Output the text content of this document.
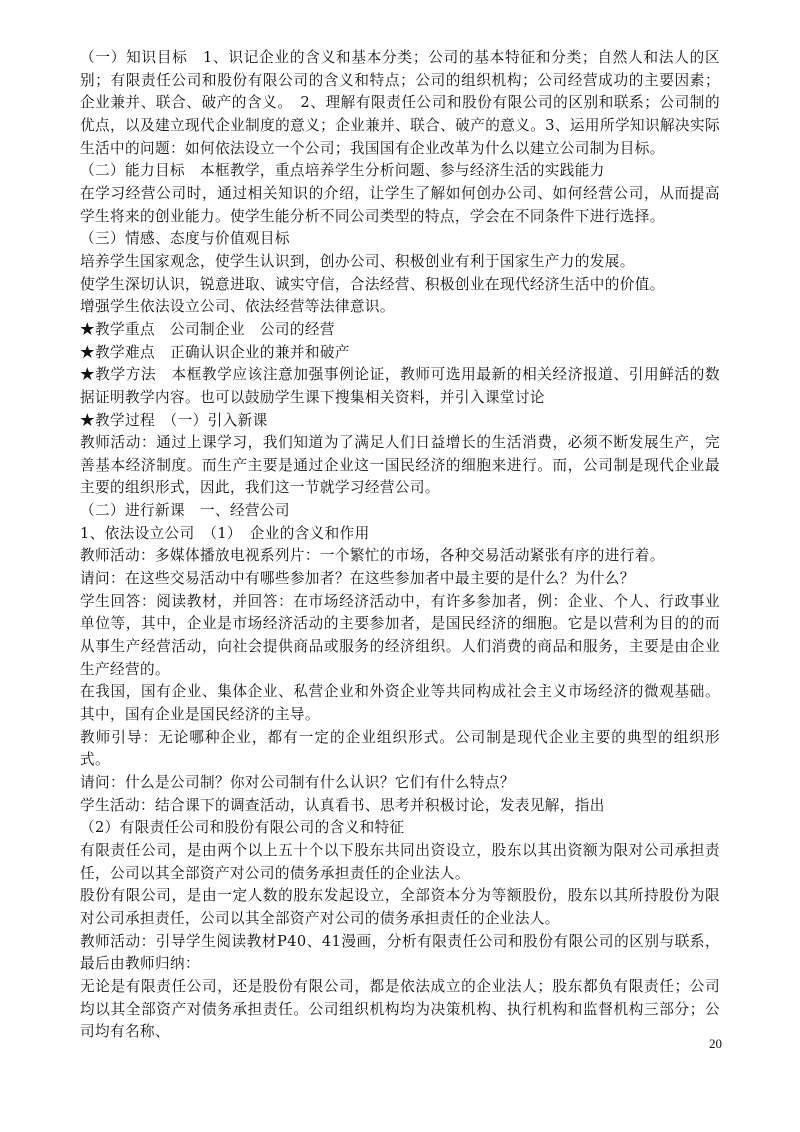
（一）知识目标　1、识记企业的含义和基本分类；公司的基本特征和分类；自然人和法人的区别；有限责任公司和股份有限公司的含义和特点；公司的组织机构；公司经营成功的主要因素；企业兼并、联合、破产的含义。　2、理解有限责任公司和股份有限公司的区别和联系；公司制的优点，以及建立现代企业制度的意义；企业兼并、联合、破产的意义。3、运用所学知识解决实际生活中的问题：如何依法设立一个公司；我国国有企业改革为什么以建立公司制为目标。

（二）能力目标　本框教学，重点培养学生分析问题、参与经济生活的实践能力

在学习经营公司时，通过相关知识的介绍，让学生了解如何创办公司、如何经营公司，从而提高学生将来的创业能力。使学生能分析不同公司类型的特点，学会在不同条件下进行选择。

（三）情感、态度与价值观目标

培养学生国家观念，使学生认识到，创办公司、积极创业有利于国家生产力的发展。

使学生深切认识，锐意进取、诚实守信，合法经营、积极创业在现代经济生活中的价值。

增强学生依法设立公司、依法经营等法律意识。

★教学重点　公司制企业　公司的经营

★教学难点　正确认识企业的兼并和破产

★教学方法　本框教学应该注意加强事例论证，教师可选用最新的相关经济报道、引用鲜活的数据证明教学内容。也可以鼓励学生课下搜集相关资料，并引入课堂讨论

★教学过程　（一）引入新课

教师活动：通过上课学习，我们知道为了满足人们日益增长的生活消费，必须不断发展生产，完善基本经济制度。而生产主要是通过企业这一国民经济的细胞来进行。而，公司制是现代企业最主要的组织形式，因此，我们这一节就学习经营公司。

（二）进行新课　一、经营公司

1、依法设立公司　（1）　企业的含义和作用

教师活动：多媒体播放电视系列片：一个繁忙的市场，各种交易活动紧张有序的进行着。

请问：在这些交易活动中有哪些参加者？在这些参加者中最主要的是什么？为什么？

学生回答：阅读教材，并回答：在市场经济活动中，有许多参加者，例：企业、个人、行政事业单位等，其中，企业是市场经济活动的主要参加者，是国民经济的细胞。它是以营利为目的的而从事生产经营活动，向社会提供商品或服务的经济组织。人们消费的商品和服务，主要是由企业生产经营的。

在我国，国有企业、集体企业、私营企业和外资企业等共同构成社会主义市场经济的微观基础。其中，国有企业是国民经济的主导。

教师引导：无论哪种企业，都有一定的企业组织形式。公司制是现代企业主要的典型的组织形式。

请问：什么是公司制？你对公司制有什么认识？它们有什么特点？

学生活动：结合课下的调查活动，认真看书、思考并积极讨论，发表见解，指出

（2）有限责任公司和股份有限公司的含义和特征

有限责任公司，是由两个以上五十个以下股东共同出资设立，股东以其出资额为限对公司承担责任，公司以其全部资产对公司的债务承担责任的企业法人。

股份有限公司，是由一定人数的股东发起设立，全部资本分为等额股份，股东以其所持股份为限对公司承担责任，公司以其全部资产对公司的债务承担责任的企业法人。

教师活动：引导学生阅读教材P40、41漫画，分析有限责任公司和股份有限公司的区别与联系，最后由教师归纳：

无论是有限责任公司，还是股份有限公司，都是依法成立的企业法人；股东都负有限责任；公司均以其全部资产对债务承担责任。公司组织机构均为决策机构、执行机构和监督机构三部分；公司均有名称、

20
